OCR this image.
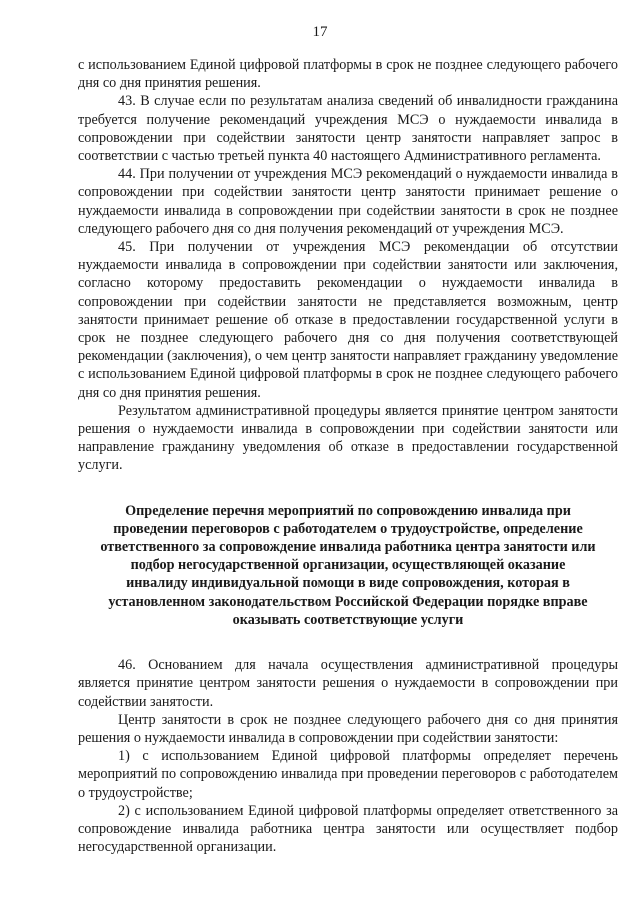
17

с использованием Единой цифровой платформы в срок не позднее следующего рабочего дня со дня принятия решения.

43. В случае если по результатам анализа сведений об инвалидности гражданина требуется получение рекомендаций учреждения МСЭ о нуждаемости инвалида в сопровождении при содействии занятости центр занятости направляет запрос в соответствии с частью третьей пункта 40 настоящего Административного регламента.

44. При получении от учреждения МСЭ рекомендаций о нуждаемости инвалида в сопровождении при содействии занятости центр занятости принимает решение о нуждаемости инвалида в сопровождении при содействии занятости в срок не позднее следующего рабочего дня со дня получения рекомендаций от учреждения МСЭ.

45. При получении от учреждения МСЭ рекомендации об отсутствии нуждаемости инвалида в сопровождении при содействии занятости или заключения, согласно которому предоставить рекомендации о нуждаемости инвалида в сопровождении при содействии занятости не представляется возможным, центр занятости принимает решение об отказе в предоставлении государственной услуги в срок не позднее следующего рабочего дня со дня получения соответствующей рекомендации (заключения), о чем центр занятости направляет гражданину уведомление с использованием Единой цифровой платформы в срок не позднее следующего рабочего дня со дня принятия решения.

Результатом административной процедуры является принятие центром занятости решения о нуждаемости инвалида в сопровождении при содействии занятости или направление гражданину уведомления об отказе в предоставлении государственной услуги.

Определение перечня мероприятий по сопровождению инвалида при проведении переговоров с работодателем о трудоустройстве, определение ответственного за сопровождение инвалида работника центра занятости или подбор негосударственной организации, осуществляющей оказание инвалиду индивидуальной помощи в виде сопровождения, которая в установленном законодательством Российской Федерации порядке вправе оказывать соответствующие услуги

46. Основанием для начала осуществления административной процедуры является принятие центром занятости решения о нуждаемости в сопровождении при содействии занятости.

Центр занятости в срок не позднее следующего рабочего дня со дня принятия решения о нуждаемости инвалида в сопровождении при содействии занятости:

1) с использованием Единой цифровой платформы определяет перечень мероприятий по сопровождению инвалида при проведении переговоров с работодателем о трудоустройстве;

2) с использованием Единой цифровой платформы определяет ответственного за сопровождение инвалида работника центра занятости или осуществляет подбор негосударственной организации.
